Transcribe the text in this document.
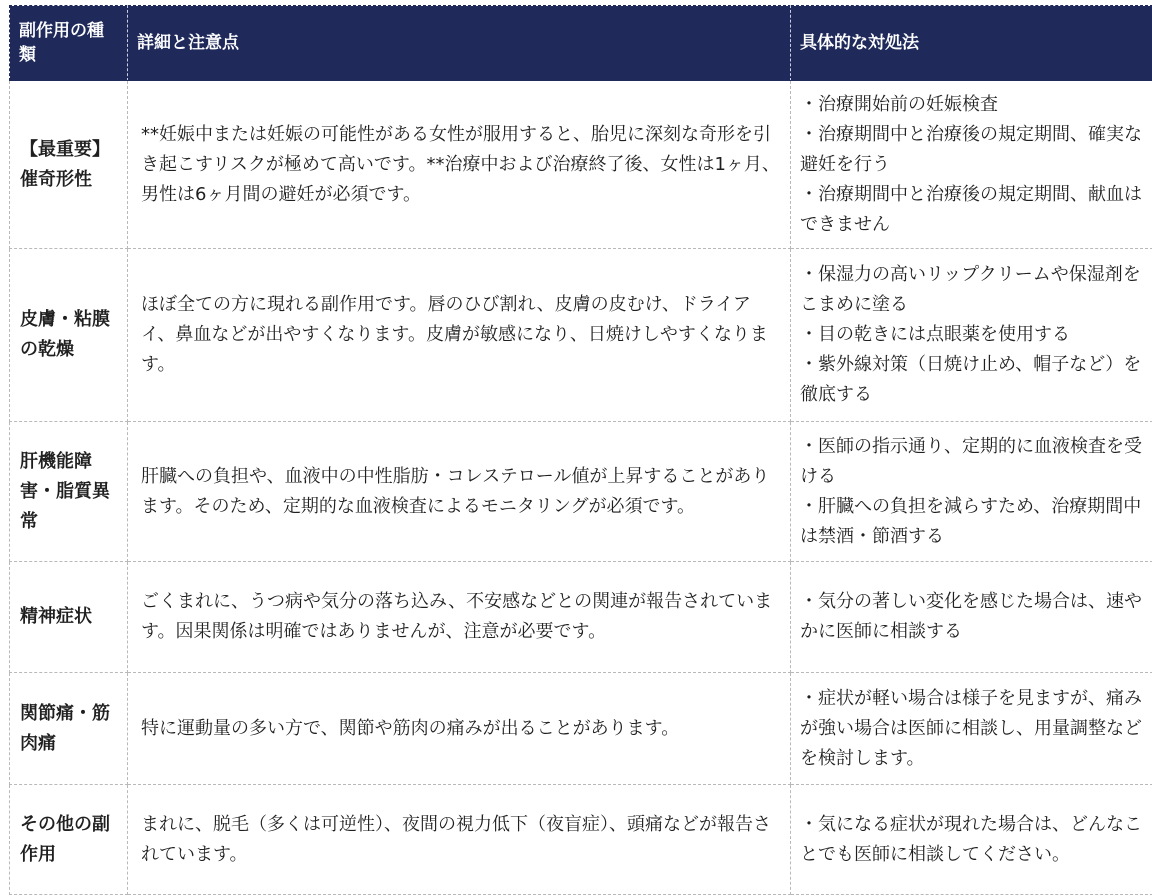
副作用の種類	詳細と注意点	具体的な対処法
【最重要】催奇形性	**妊娠中または妊娠の可能性がある女性が服用すると、胎児に深刻な奇形を引き起こすリスクが極めて高いです。**治療中および治療終了後、女性は1ヶ月、男性は6ヶ月間の避妊が必須です。	・治療開始前の妊娠検査
・治療期間中と治療後の規定期間、確実な避妊を行う
・治療期間中と治療後の規定期間、献血はできません

皮膚・粘膜の乾燥	ほぼ全ての方に現れる副作用です。唇のひび割れ、皮膚の皮むけ、ドライアイ、鼻血などが出やすくなります。皮膚が敏感になり、日焼けしやすくなります。	・保湿力の高いリップクリームや保湿剤をこまめに塗る
・目の乾きには点眼薬を使用する
・紫外線対策（日焼け止め、帽子など）を徹底する

肝機能障害・脂質異常	肝臓への負担や、血液中の中性脂肪・コレステロール値が上昇することがあります。そのため、定期的な血液検査によるモニタリングが必須です。	・医師の指示通り、定期的に血液検査を受ける
・肝臓への負担を減らすため、治療期間中は禁酒・節酒する

精神症状	ごくまれに、うつ病や気分の落ち込み、不安感などとの関連が報告されています。因果関係は明確ではありませんが、注意が必要です。	・気分の著しい変化を感じた場合は、速やかに医師に相談する

関節痛・筋肉痛	特に運動量の多い方で、関節や筋肉の痛みが出ることがあります。	・症状が軽い場合は様子を見ますが、痛みが強い場合は医師に相談し、用量調整などを検討します。

その他の副作用	まれに、脱毛（多くは可逆性）、夜間の視力低下（夜盲症）、頭痛などが報告されています。	・気になる症状が現れた場合は、どんなことでも医師に相談してください。
